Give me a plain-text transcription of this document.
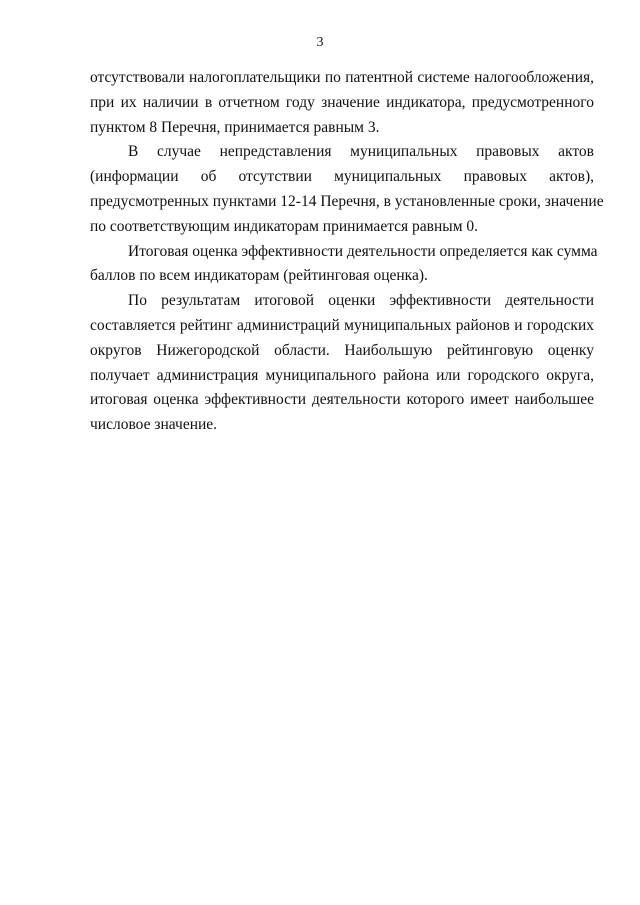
3
отсутствовали налогоплательщики по патентной системе налогообложения,
при их наличии в отчетном году значение индикатора, предусмотренного
пунктом 8 Перечня, принимается равным 3.
В случае непредставления муниципальных правовых актов
(информации об отсутствии муниципальных правовых актов),
предусмотренных пунктами 12-14 Перечня, в установленные сроки, значение
по соответствующим индикаторам принимается равным 0.
Итоговая оценка эффективности деятельности определяется как сумма
баллов по всем индикаторам (рейтинговая оценка).
По результатам итоговой оценки эффективности деятельности
составляется рейтинг администраций муниципальных районов и городских
округов Нижегородской области. Наибольшую рейтинговую оценку
получает администрация муниципального района или городского округа,
итоговая оценка эффективности деятельности которого имеет наибольшее
числовое значение.
